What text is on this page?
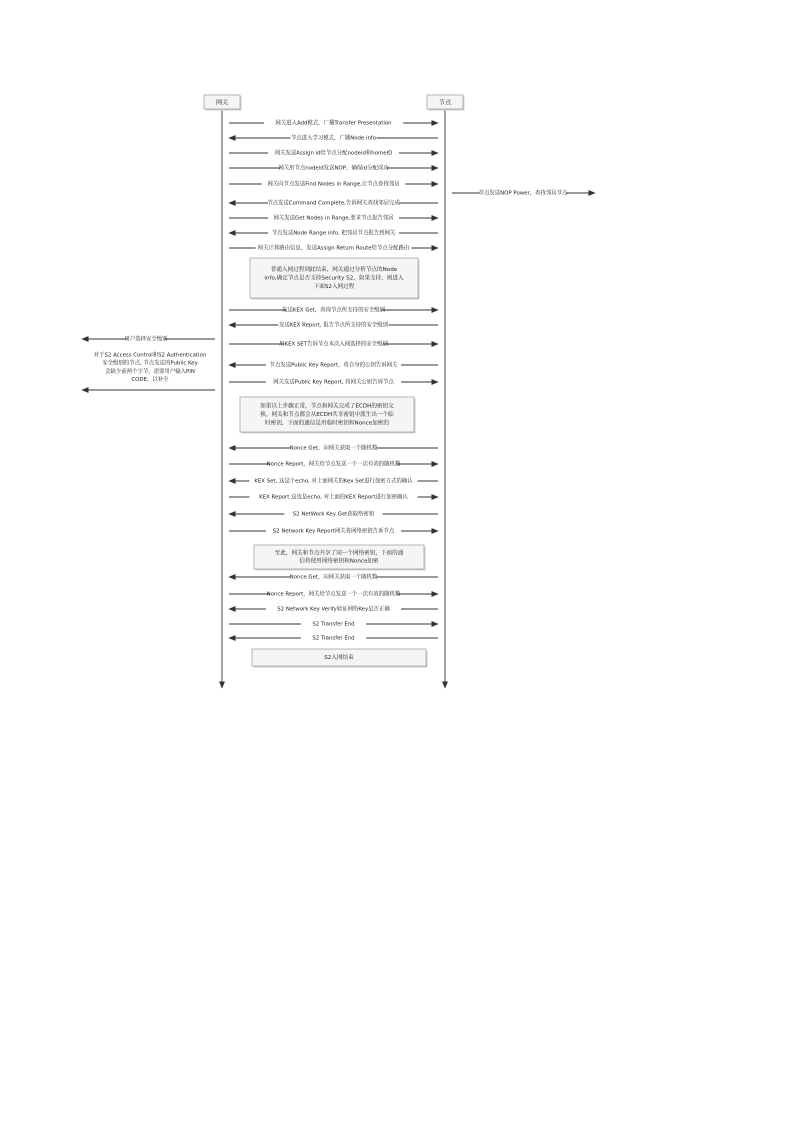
网关	节点
网关进入Add模式，广播Transfer Presentation
节点进入学习模式，广播Node info
网关发送Assign id给节点分配nodeid和homeID
网关用节点nodeid发送NOP，确保id分配成功
网关向节点发送Find Nodes in Range,让节点查找邻居
节点发送Command Complete,告诉网关查找邻居完成
网关发送Get Nodes in Range,要求节点报告邻居
节点发送Node Range info, 把邻居节点报告到网关
网关计算路由信息，发送Assign Return Route给节点分配路由
发送KEX Get，查询节点所支持的安全级别
发送KEX Report, 报告节点所支持的安全级别
用KEX SET告诉节点本次入网选择的安全级别
节点发送Public Key Report，将自身的公钥告诉网关
网关发送Public Key Report, 将网关公钥告诉节点
Nonce Get，向网关获取一个随机数
Nonce Report，网关给节点发送一个一次有效的随机数
KEX Set, 这是个echo, 对上面网关的Kex Set进行加密方式的确认
KEX Report 这也是echo, 对上面的KEX Report进行加密确认
S2 NetWork Key Get获取络密钥
S2 Network Key Report网关将网络密钥告诉节点
Nonce Get，向网关获取一个随机数
Nonce Report，网关给节点发送一个一次有效的随机数
S2 Network Key Verify验证网络Key是否正确
S2 Transfer End
S2 Transfer End
节点发送NOP Power，查找邻居节点
用户选择安全级别
对于S2 Access Control和S2 Authentication
安全级别的节点, 节点发送的Public Key
会缺少前两个字节，需要用户输入PIN
CODE，以补全
普通入网过程到此结束，网关通过分析节点的Node
info,确定节点是否支持Security S2，如果支持，则进入
下面S2入网过程
如果以上步骤正常，节点和网关完成了ECDH的密钥交
换，网关和节点都会从ECDH共享密钥中派生出一个临
时密钥，下面的通信是用临时密钥和Nonce加密的
至此，网关和节点共享了同一个网络密钥，下面的通
信将使用网络密钥和Nonce加密
S2入网结束
